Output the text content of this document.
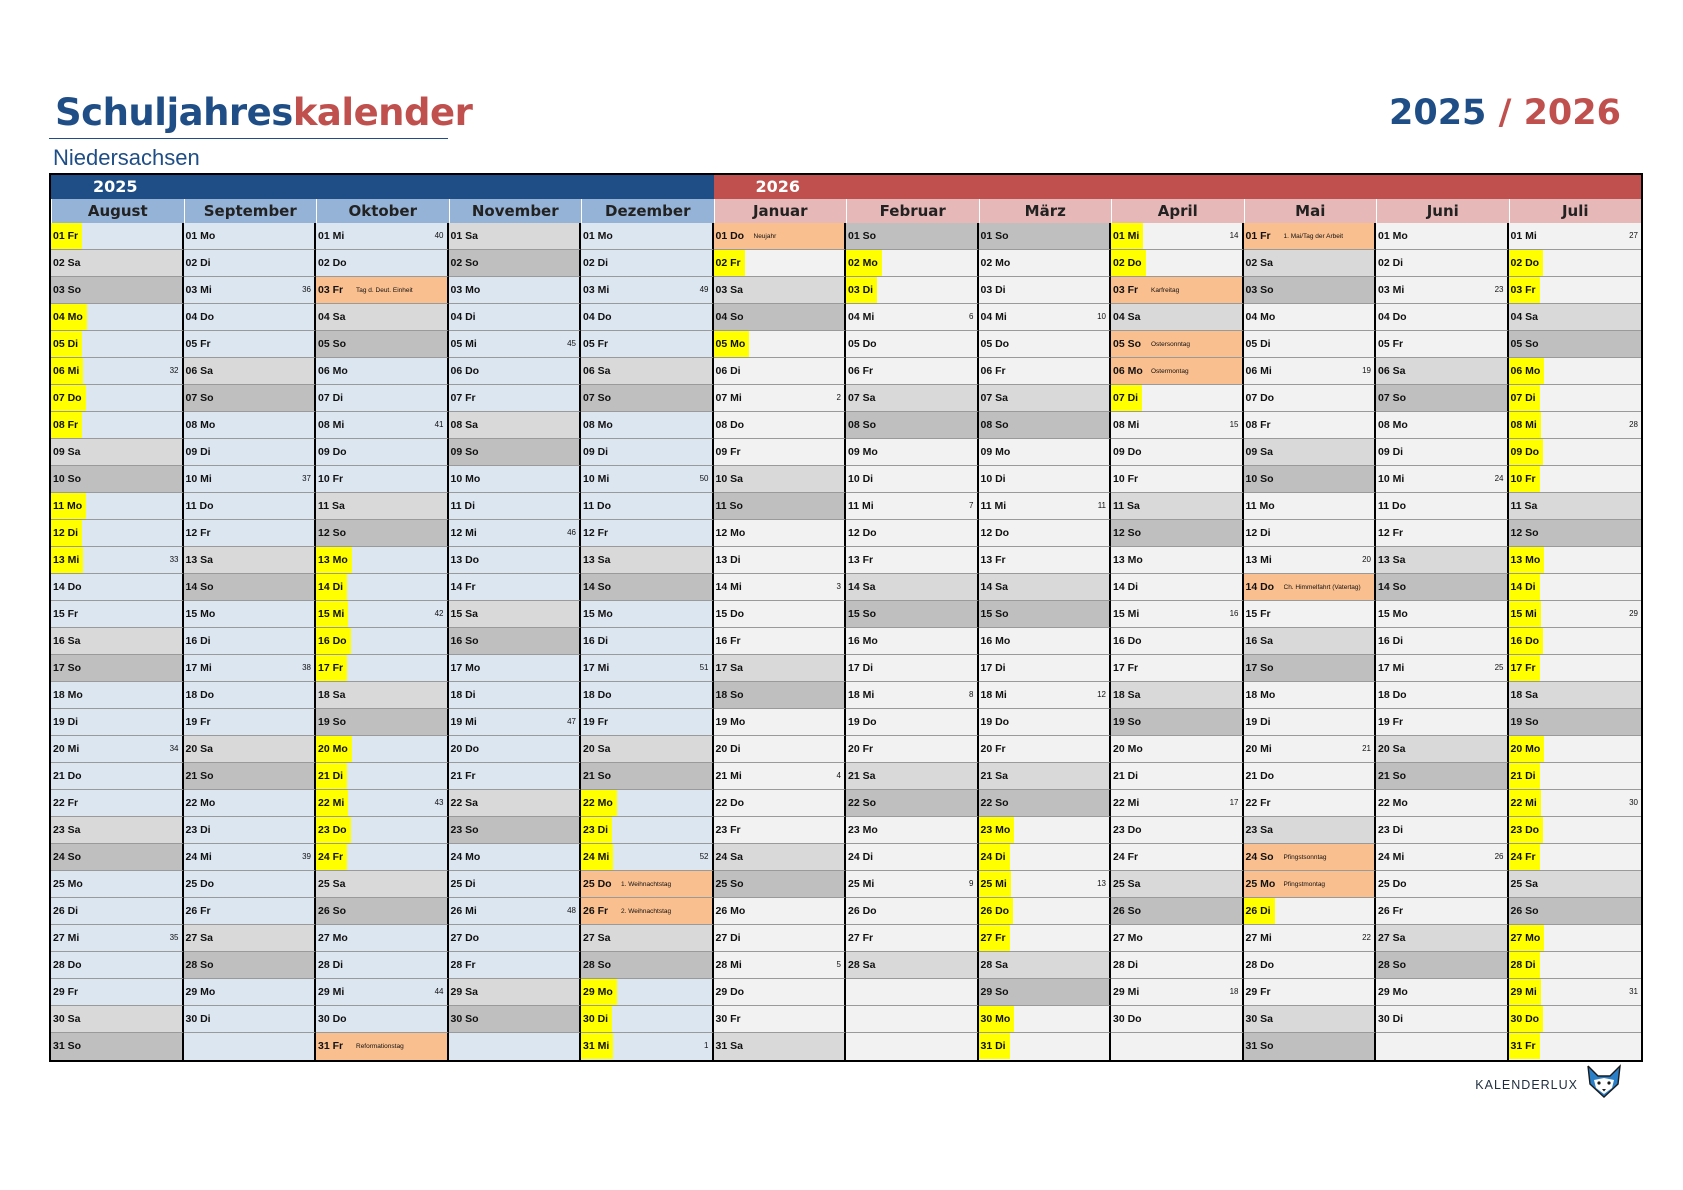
Schuljahreskalender
Niedersachsen
2025 / 2026
2025	2026
August
01 Fr
02 Sa
03 So
04 Mo
05 Di
06 Mi	32
07 Do
08 Fr
09 Sa
10 So
11 Mo
12 Di
13 Mi	33
14 Do
15 Fr
16 Sa
17 So
18 Mo
19 Di
20 Mi	34
21 Do
22 Fr
23 Sa
24 So
25 Mo
26 Di
27 Mi	35
28 Do
29 Fr
30 Sa
31 So
September
01 Mo
02 Di
03 Mi	36
04 Do
05 Fr
06 Sa
07 So
08 Mo
09 Di
10 Mi	37
11 Do
12 Fr
13 Sa
14 So
15 Mo
16 Di
17 Mi	38
18 Do
19 Fr
20 Sa
21 So
22 Mo
23 Di
24 Mi	39
25 Do
26 Fr
27 Sa
28 So
29 Mo
30 Di
Oktober
01 Mi	40
02 Do
03 Fr	Tag d. Deut. Einheit
04 Sa
05 So
06 Mo
07 Di
08 Mi	41
09 Do
10 Fr
11 Sa
12 So
13 Mo
14 Di
15 Mi	42
16 Do
17 Fr
18 Sa
19 So
20 Mo
21 Di
22 Mi	43
23 Do
24 Fr
25 Sa
26 So
27 Mo
28 Di
29 Mi	44
30 Do
31 Fr	Reformationstag
November
01 Sa
02 So
03 Mo
04 Di
05 Mi	45
06 Do
07 Fr
08 Sa
09 So
10 Mo
11 Di
12 Mi	46
13 Do
14 Fr
15 Sa
16 So
17 Mo
18 Di
19 Mi	47
20 Do
21 Fr
22 Sa
23 So
24 Mo
25 Di
26 Mi	48
27 Do
28 Fr
29 Sa
30 So
Dezember
01 Mo
02 Di
03 Mi	49
04 Do
05 Fr
06 Sa
07 So
08 Mo
09 Di
10 Mi	50
11 Do
12 Fr
13 Sa
14 So
15 Mo
16 Di
17 Mi	51
18 Do
19 Fr
20 Sa
21 So
22 Mo
23 Di
24 Mi	52
25 Do	1. Weihnachtstag
26 Fr	2. Weihnachtstag
27 Sa
28 So
29 Mo
30 Di
31 Mi	1
Januar
01 Do	Neujahr
02 Fr
03 Sa
04 So
05 Mo
06 Di
07 Mi	2
08 Do
09 Fr
10 Sa
11 So
12 Mo
13 Di
14 Mi	3
15 Do
16 Fr
17 Sa
18 So
19 Mo
20 Di
21 Mi	4
22 Do
23 Fr
24 Sa
25 So
26 Mo
27 Di
28 Mi	5
29 Do
30 Fr
31 Sa
Februar
01 So
02 Mo
03 Di
04 Mi	6
05 Do
06 Fr
07 Sa
08 So
09 Mo
10 Di
11 Mi	7
12 Do
13 Fr
14 Sa
15 So
16 Mo
17 Di
18 Mi	8
19 Do
20 Fr
21 Sa
22 So
23 Mo
24 Di
25 Mi	9
26 Do
27 Fr
28 Sa
März
01 So
02 Mo
03 Di
04 Mi	10
05 Do
06 Fr
07 Sa
08 So
09 Mo
10 Di
11 Mi	11
12 Do
13 Fr
14 Sa
15 So
16 Mo
17 Di
18 Mi	12
19 Do
20 Fr
21 Sa
22 So
23 Mo
24 Di
25 Mi	13
26 Do
27 Fr
28 Sa
29 So
30 Mo
31 Di
April
01 Mi	14
02 Do
03 Fr	Karfreitag
04 Sa
05 So	Ostersonntag
06 Mo	Ostermontag
07 Di
08 Mi	15
09 Do
10 Fr
11 Sa
12 So
13 Mo
14 Di
15 Mi	16
16 Do
17 Fr
18 Sa
19 So
20 Mo
21 Di
22 Mi	17
23 Do
24 Fr
25 Sa
26 So
27 Mo
28 Di
29 Mi	18
30 Do
Mai
01 Fr	1. Mai/Tag der Arbeit
02 Sa
03 So
04 Mo
05 Di
06 Mi	19
07 Do
08 Fr
09 Sa
10 So
11 Mo
12 Di
13 Mi	20
14 Do	Ch. Himmelfahrt (Vatertag)
15 Fr
16 Sa
17 So
18 Mo
19 Di
20 Mi	21
21 Do
22 Fr
23 Sa
24 So	Pfingstsonntag
25 Mo	Pfingstmontag
26 Di
27 Mi	22
28 Do
29 Fr
30 Sa
31 So
Juni
01 Mo
02 Di
03 Mi	23
04 Do
05 Fr
06 Sa
07 So
08 Mo
09 Di
10 Mi	24
11 Do
12 Fr
13 Sa
14 So
15 Mo
16 Di
17 Mi	25
18 Do
19 Fr
20 Sa
21 So
22 Mo
23 Di
24 Mi	26
25 Do
26 Fr
27 Sa
28 So
29 Mo
30 Di
Juli
01 Mi	27
02 Do
03 Fr
04 Sa
05 So
06 Mo
07 Di
08 Mi	28
09 Do
10 Fr
11 Sa
12 So
13 Mo
14 Di
15 Mi	29
16 Do
17 Fr
18 Sa
19 So
20 Mo
21 Di
22 Mi	30
23 Do
24 Fr
25 Sa
26 So
27 Mo
28 Di
29 Mi	31
30 Do
31 Fr
KALENDERLUX
